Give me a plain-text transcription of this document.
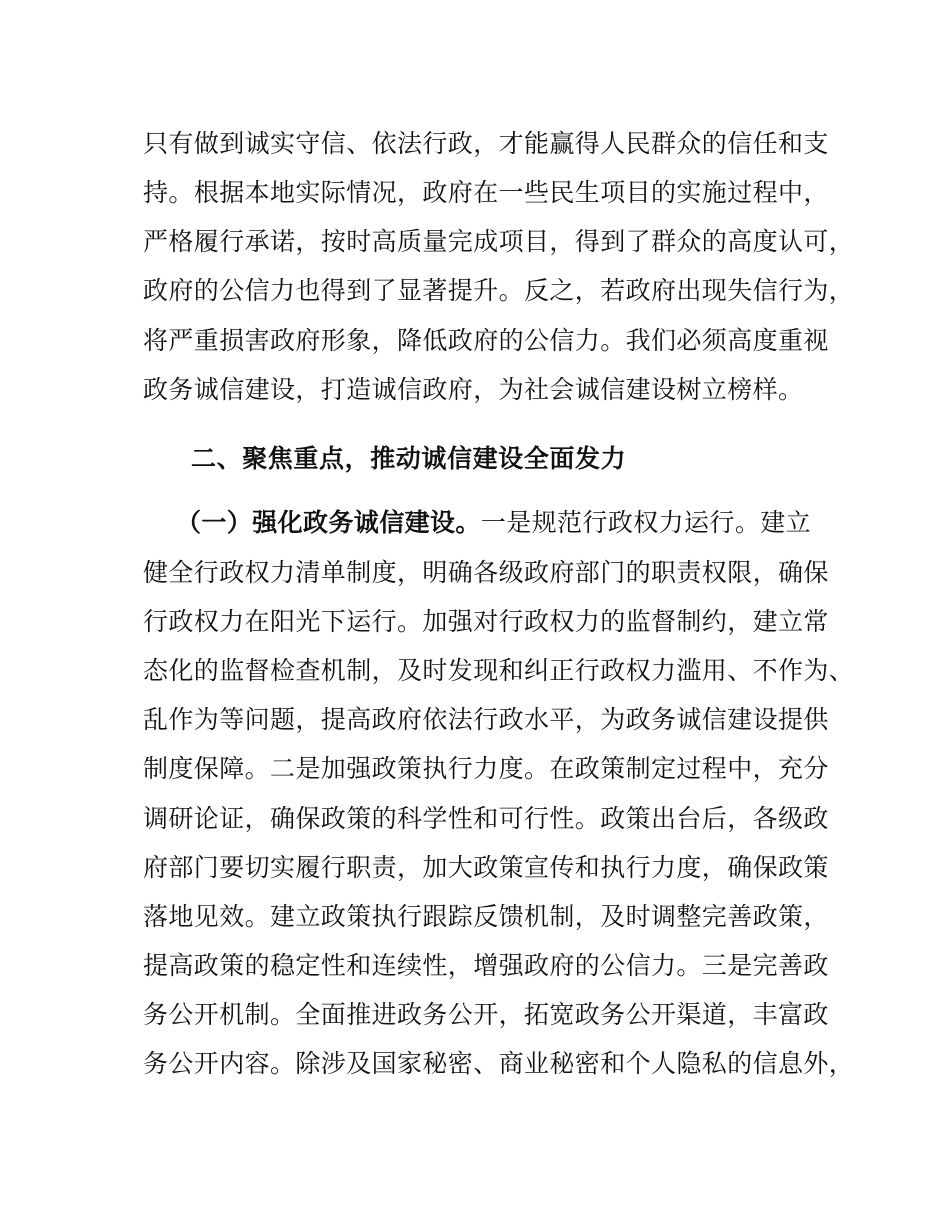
只有做到诚实守信、依法行政，才能赢得人民群众的信任和支
持。根据本地实际情况，政府在一些民生项目的实施过程中，
严格履行承诺，按时高质量完成项目，得到了群众的高度认可，
政府的公信力也得到了显著提升。反之，若政府出现失信行为，
将严重损害政府形象，降低政府的公信力。我们必须高度重视
政务诚信建设，打造诚信政府，为社会诚信建设树立榜样。
二、聚焦重点，推动诚信建设全面发力
（一）强化政务诚信建设。一是规范行政权力运行。建立
健全行政权力清单制度，明确各级政府部门的职责权限，确保
行政权力在阳光下运行。加强对行政权力的监督制约，建立常
态化的监督检查机制，及时发现和纠正行政权力滥用、不作为、
乱作为等问题，提高政府依法行政水平，为政务诚信建设提供
制度保障。二是加强政策执行力度。在政策制定过程中，充分
调研论证，确保政策的科学性和可行性。政策出台后，各级政
府部门要切实履行职责，加大政策宣传和执行力度，确保政策
落地见效。建立政策执行跟踪反馈机制，及时调整完善政策，
提高政策的稳定性和连续性，增强政府的公信力。三是完善政
务公开机制。全面推进政务公开，拓宽政务公开渠道，丰富政
务公开内容。除涉及国家秘密、商业秘密和个人隐私的信息外，
